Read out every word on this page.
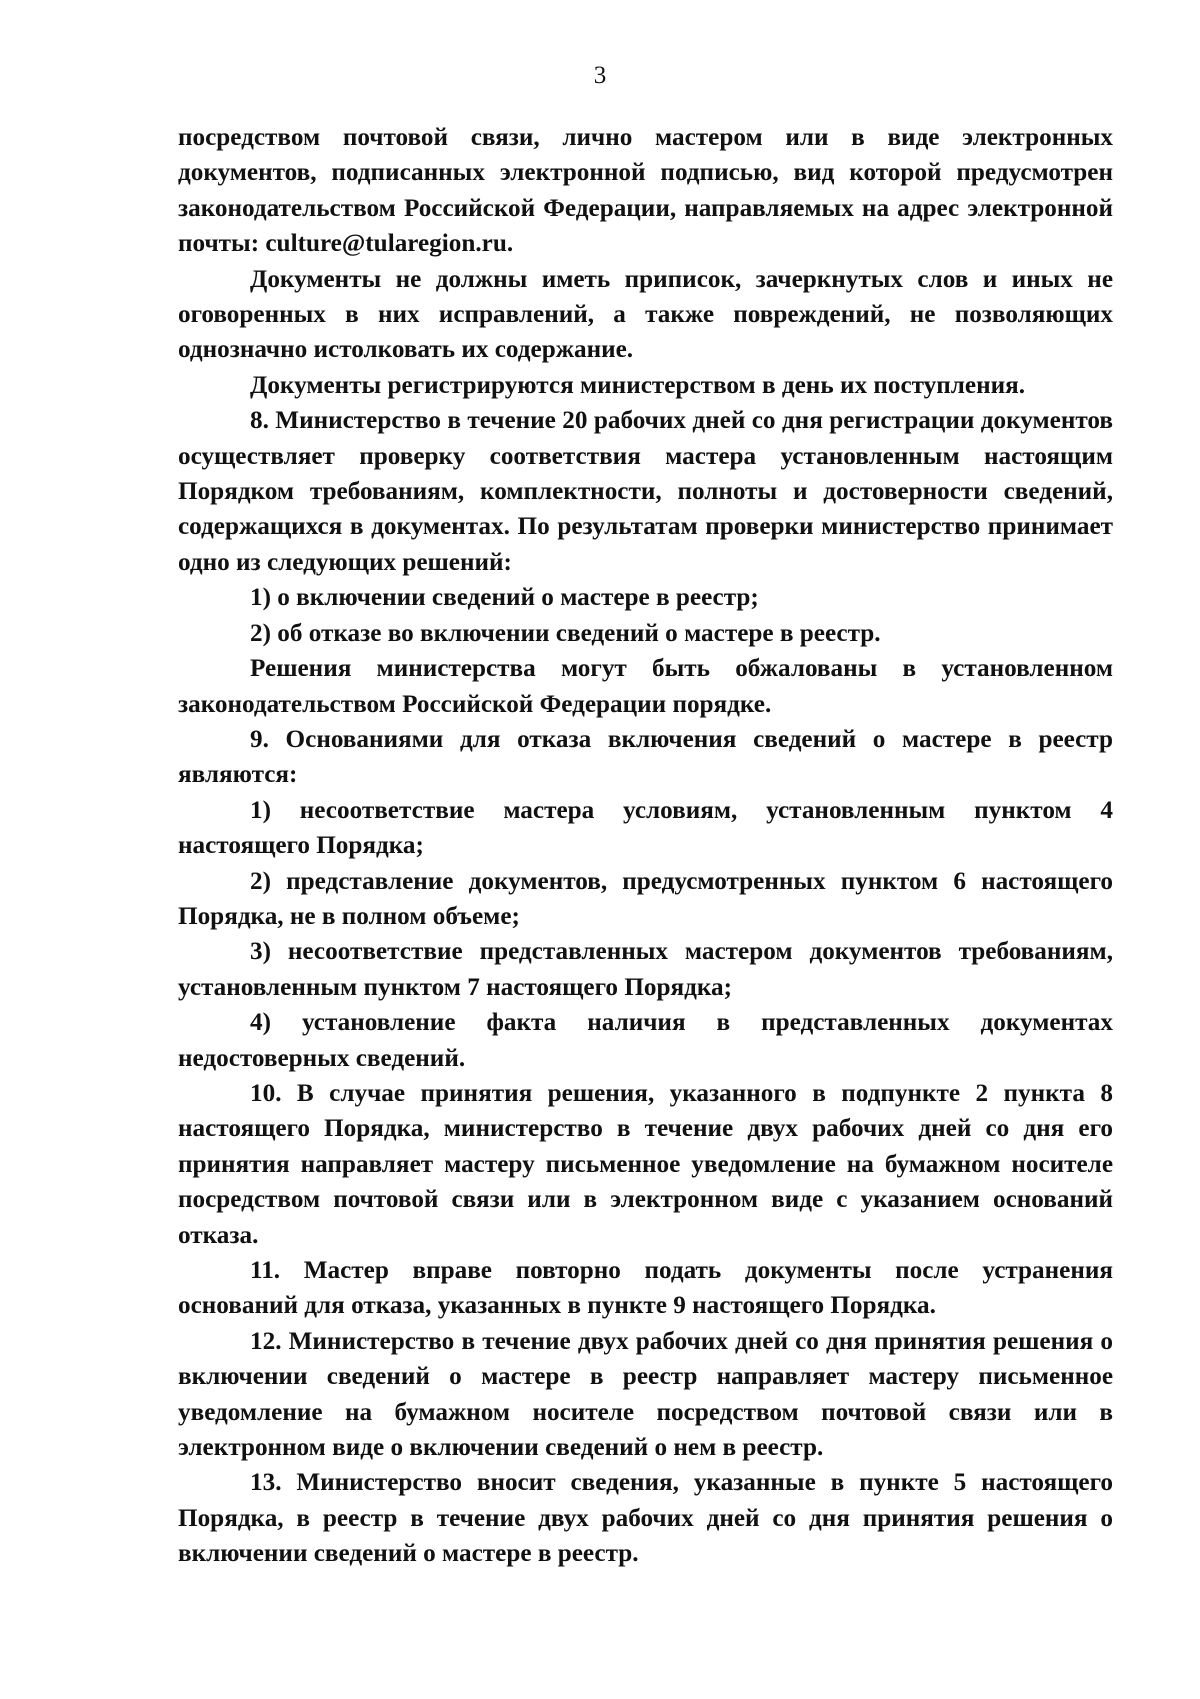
3

посредством почтовой связи, лично мастером или в виде электронных документов, подписанных электронной подписью, вид которой предусмотрен законодательством Российской Федерации, направляемых на адрес электронной почты: culture@tularegion.ru.

Документы не должны иметь приписок, зачеркнутых слов и иных не оговоренных в них исправлений, а также повреждений, не позволяющих однозначно истолковать их содержание.

Документы регистрируются министерством в день их поступления.

8. Министерство в течение 20 рабочих дней со дня регистрации документов осуществляет проверку соответствия мастера установленным настоящим Порядком требованиям, комплектности, полноты и достоверности сведений, содержащихся в документах. По результатам проверки министерство принимает одно из следующих решений:

1) о включении сведений о мастере в реестр;

2) об отказе во включении сведений о мастере в реестр.

Решения министерства могут быть обжалованы в установленном законодательством Российской Федерации порядке.

9. Основаниями для отказа включения сведений о мастере в реестр являются:

1) несоответствие мастера условиям, установленным пунктом 4 настоящего Порядка;

2) представление документов, предусмотренных пунктом 6 настоящего Порядка, не в полном объеме;

3) несоответствие представленных мастером документов требованиям, установленным пунктом 7 настоящего Порядка;

4) установление факта наличия в представленных документах недостоверных сведений.

10. В случае принятия решения, указанного в подпункте 2 пункта 8 настоящего Порядка, министерство в течение двух рабочих дней со дня его принятия направляет мастеру письменное уведомление на бумажном носителе посредством почтовой связи или в электронном виде с указанием оснований отказа.

11. Мастер вправе повторно подать документы после устранения оснований для отказа, указанных в пункте 9 настоящего Порядка.

12. Министерство в течение двух рабочих дней со дня принятия решения о включении сведений о мастере в реестр направляет мастеру письменное уведомление на бумажном носителе посредством почтовой связи или в электронном виде о включении сведений о нем в реестр.

13. Министерство вносит сведения, указанные в пункте 5 настоящего Порядка, в реестр в течение двух рабочих дней со дня принятия решения о включении сведений о мастере в реестр.
